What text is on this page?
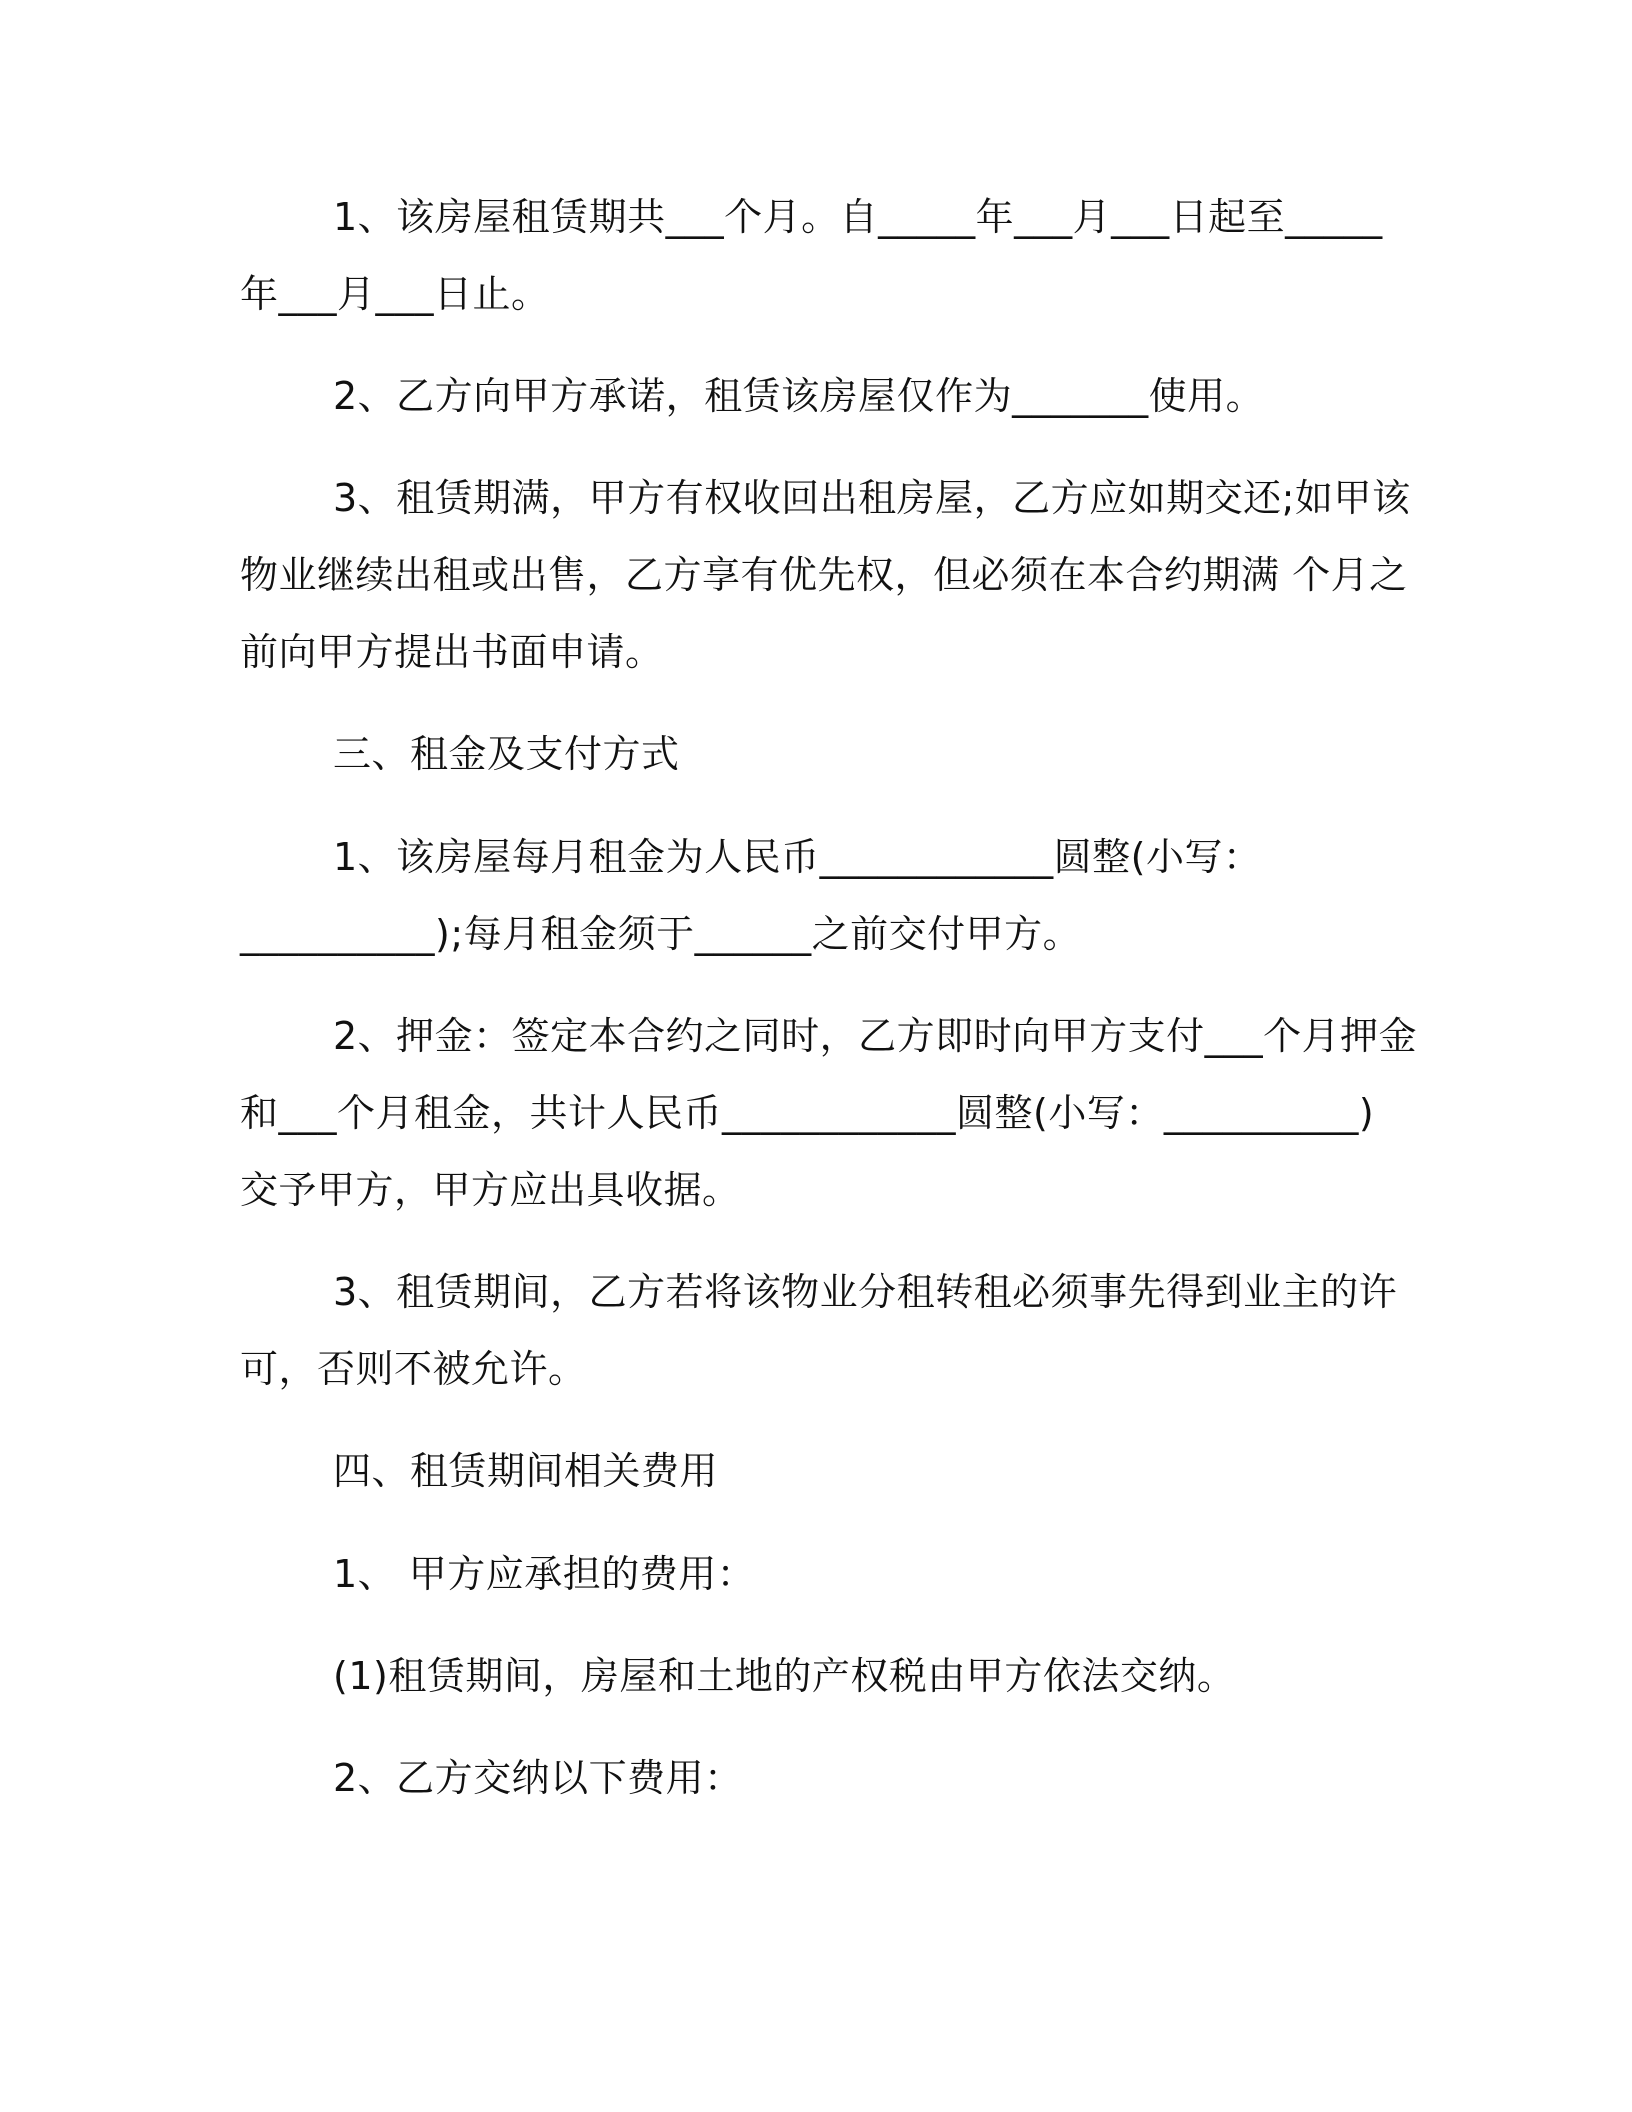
1、该房屋租赁期共___个月。自_____年___月___日起至_____
年___月___日止。
2、乙方向甲方承诺，租赁该房屋仅作为_______使用。
3、租赁期满，甲方有权收回出租房屋，乙方应如期交还;如甲该
物业继续出租或出售，乙方享有优先权，但必须在本合约期满 个月之
前向甲方提出书面申请。
三、租金及支付方式
1、该房屋每月租金为人民币____________圆整(小写：
__________);每月租金须于______之前交付甲方。
2、押金：签定本合约之同时，乙方即时向甲方支付___个月押金
和___个月租金，共计人民币____________圆整(小写：__________)
交予甲方，甲方应出具收据。
3、租赁期间，乙方若将该物业分租转租必须事先得到业主的许
可，否则不被允许。
四、租赁期间相关费用
1、 甲方应承担的费用：
(1)租赁期间，房屋和土地的产权税由甲方依法交纳。
2、乙方交纳以下费用：
